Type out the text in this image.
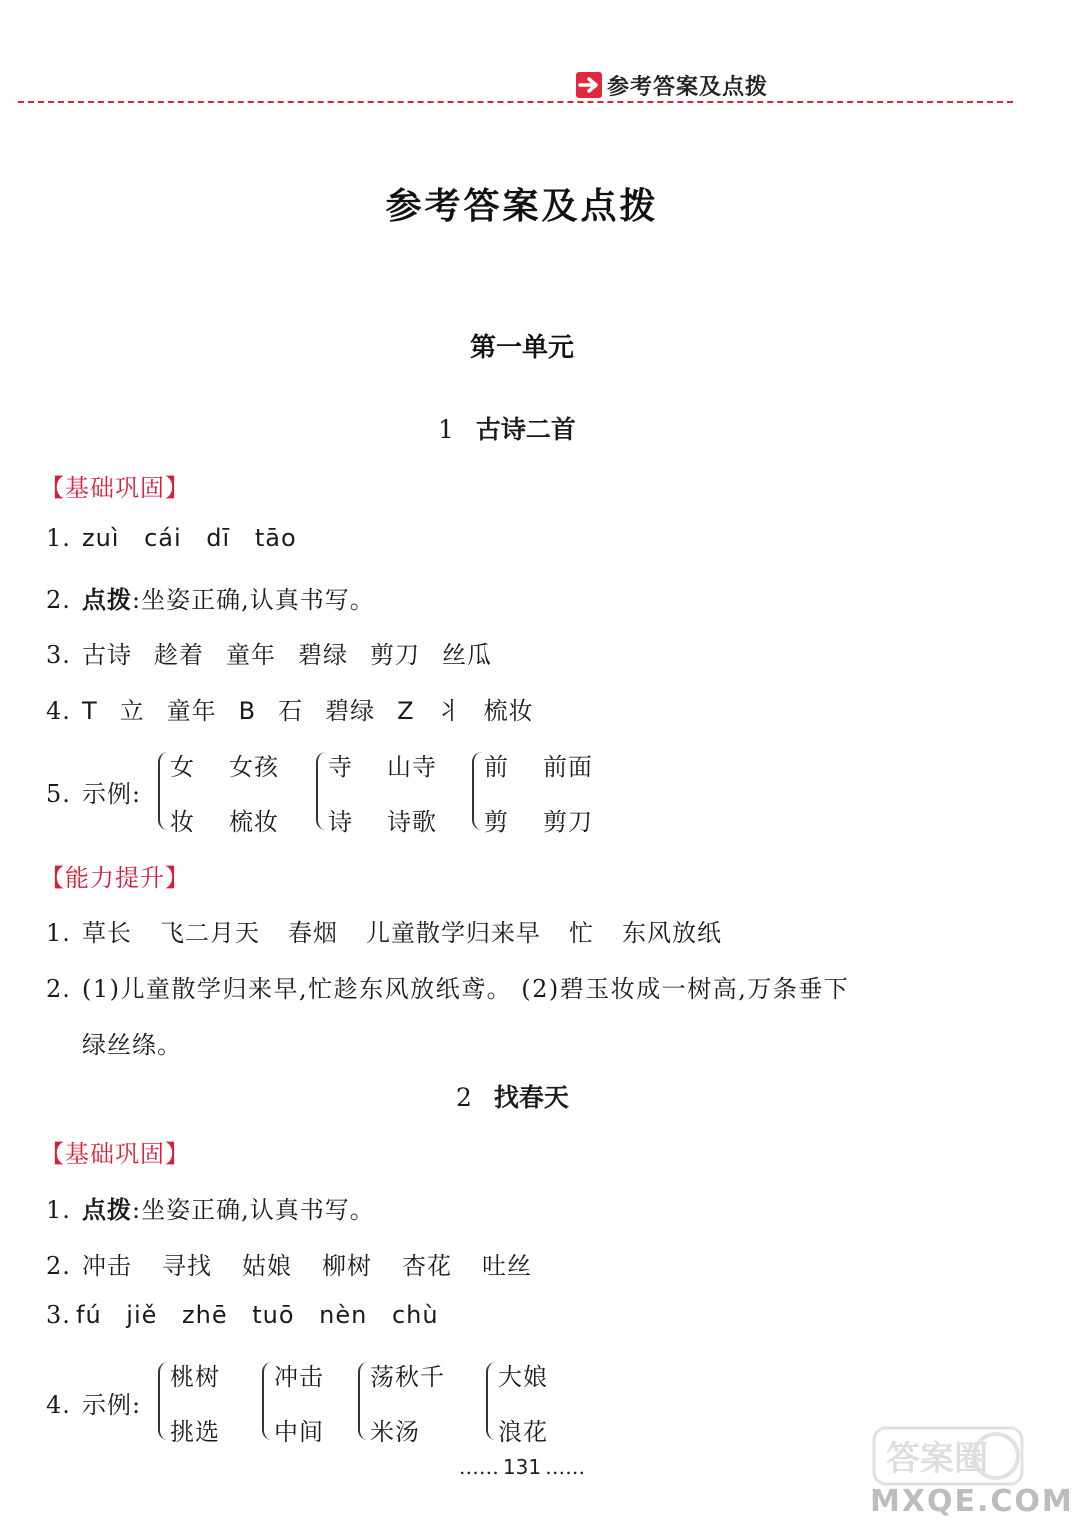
参考答案及点拨
参考答案及点拨
第一单元
1 古诗二首
【基础巩固】
1. zuì cái dī tāo
2. 点拨:坐姿正确,认真书写。
3. 古诗 趁着 童年 碧绿 剪刀 丝瓜
4. T 立 童年 B 石 碧绿 Z 丬 梳妆
5. 示例:
女 女孩
妆 梳妆
寺 山寺
诗 诗歌
前 前面
剪 剪刀
【能力提升】
1. 草长 飞二月天 春烟 儿童散学归来早 忙 东风放纸
2. (1)儿童散学归来早,忙趁东风放纸鸢。 (2)碧玉妆成一树高,万条垂下
绿丝绦。
2 找春天
【基础巩固】
1. 点拨:坐姿正确,认真书写。
2. 冲击 寻找 姑娘 柳树 杏花 吐丝
3. fú jiě zhē tuō nèn chù
4. 示例:
桃树
挑选
冲击
中间
荡秋千
米汤
大娘
浪花
…… 131 ……	答案圈
MXQE.COM
